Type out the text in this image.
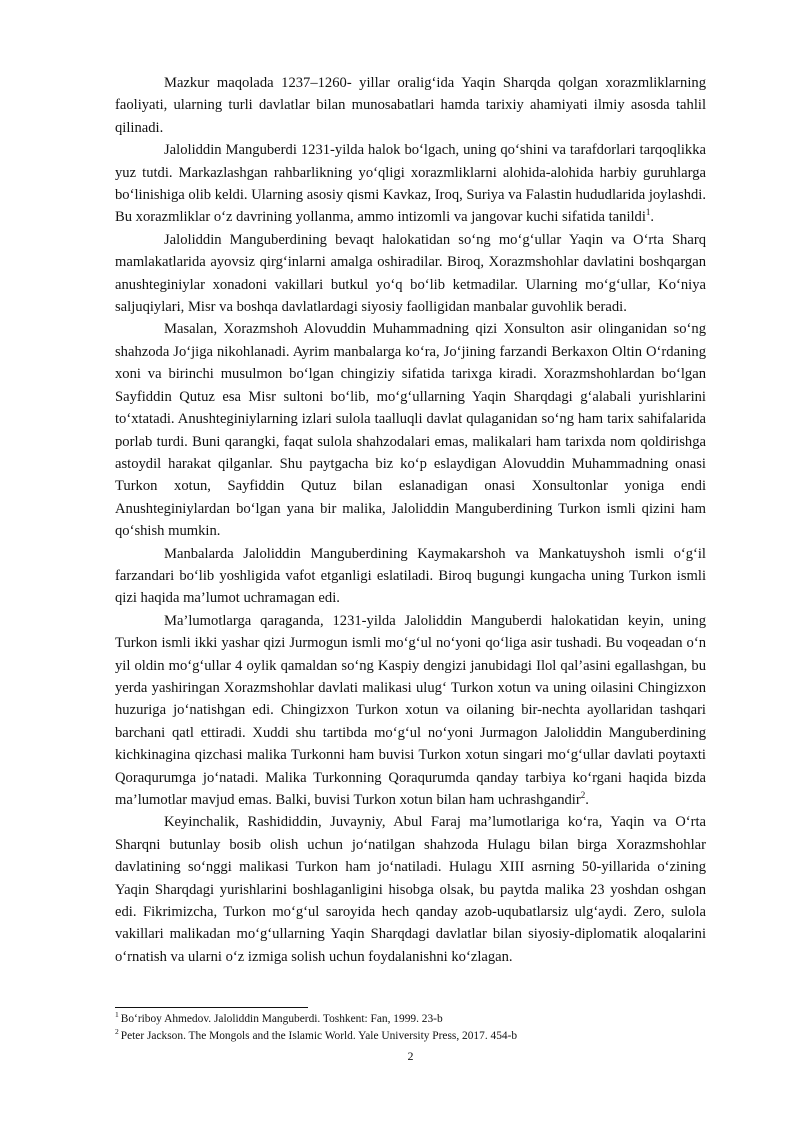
Mazkur maqolada 1237–1260- yillar oralig‘ida Yaqin Sharqda qolgan xorazmliklarning faoliyati, ularning turli davlatlar bilan munosabatlari hamda tarixiy ahamiyati ilmiy asosda tahlil qilinadi.

Jaloliddin Manguberdi 1231-yilda halok bo‘lgach, uning qo‘shini va tarafdorlari tarqoqlikka yuz tutdi. Markazlashgan rahbarlikning yo‘qligi xorazmliklarni alohida-alohida harbiy guruhlarga bo‘linishiga olib keldi. Ularning asosiy qismi Kavkaz, Iroq, Suriya va Falastin hududlarida joylashdi. Bu xorazmliklar o‘z davrining yollanma, ammo intizomli va jangovar kuchi sifatida tanildi$^1$.

Jaloliddin Manguberdining bevaqt halokatidan so‘ng mo‘g‘ullar Yaqin va O‘rta Sharq mamlakatlarida ayovsiz qirg‘inlarni amalga oshiradilar. Biroq, Xorazmshohlar davlatini boshqargan anushteginiylar xonadoni vakillari butkul yo‘q bo‘lib ketmadilar. Ularning mo‘g‘ullar, Ko‘niya saljuqiylari, Misr va boshqa davlatlardagi siyosiy faolligidan manbalar guvohlik beradi.

Masalan, Xorazmshoh Alovuddin Muhammadning qizi Xonsulton asir olinganidan so‘ng shahzoda Jo‘jiga nikohlanadi. Ayrim manbalarga ko‘ra, Jo‘jining farzandi Berkaxon Oltin O‘rdaning xoni va birinchi musulmon bo‘lgan chingiziy sifatida tarixga kiradi. Xorazmshohlardan bo‘lgan Sayfiddin Qutuz esa Misr sultoni bo‘lib, mo‘g‘ullarning Yaqin Sharqdagi g‘alabali yurishlarini to‘xtatadi. Anushteginiylarning izlari sulola taalluqli davlat qulaganidan so‘ng ham tarix sahifalarida porlab turdi. Buni qarangki, faqat sulola shahzodalari emas, malikalari ham tarixda nom qoldirishga astoydil harakat qilganlar. Shu paytgacha biz ko‘p eslaydigan Alovuddin Muhammadning onasi Turkon xotun, Sayfiddin Qutuz bilan eslanadigan onasi Xonsultonlar yoniga endi Anushteginiylardan bo‘lgan yana bir malika, Jaloliddin Manguberdining Turkon ismli qizini ham qo‘shish mumkin.

Manbalarda Jaloliddin Manguberdining Kaymakarshoh va Mankatuyshoh ismli o‘g‘il farzandari bo‘lib yoshligida vafot etganligi eslatiladi. Biroq bugungi kungacha uning Turkon ismli qizi haqida ma’lumot uchramagan edi.

Ma’lumotlarga qaraganda, 1231-yilda Jaloliddin Manguberdi halokatidan keyin, uning Turkon ismli ikki yashar qizi Jurmogun ismli mo‘g‘ul no‘yoni qo‘liga asir tushadi. Bu voqeadan o‘n yil oldin mo‘g‘ullar 4 oylik qamaldan so‘ng Kaspiy dengizi janubidagi Ilol qal’asini egallashgan, bu yerda yashiringan Xorazmshohlar davlati malikasi ulug‘ Turkon xotun va uning oilasini Chingizxon huzuriga jo‘natishgan edi. Chingizxon Turkon xotun va oilaning bir-nechta ayollaridan tashqari barchani qatl ettiradi. Xuddi shu tartibda mo‘g‘ul no‘yoni Jurmagon Jaloliddin Manguberdining kichkinagina qizchasi malika Turkonni ham buvisi Turkon xotun singari mo‘g‘ullar davlati poytaxti Qoraqurumga jo‘natadi. Malika Turkonning Qoraqurumda qanday tarbiya ko‘rgani haqida bizda ma’lumotlar mavjud emas. Balki, buvisi Turkon xotun bilan ham uchrashgandir$^2$.

Keyinchalik, Rashididdin, Juvayniy, Abul Faraj ma’lumotlariga ko‘ra, Yaqin va O‘rta Sharqni butunlay bosib olish uchun jo‘natilgan shahzoda Hulagu bilan birga Xorazmshohlar davlatining so‘nggi malikasi Turkon ham jo‘natiladi. Hulagu XIII asrning 50-yillarida o‘zining Yaqin Sharqdagi yurishlarini boshlaganligini hisobga olsak, bu paytda malika 23 yoshdan oshgan edi. Fikrimizcha, Turkon mo‘g‘ul saroyida hech qanday azob-uqubatlarsiz ulg‘aydi. Zero, sulola vakillari malikadan mo‘g‘ullarning Yaqin Sharqdagi davlatlar bilan siyosiy-diplomatik aloqalarini o‘rnatish va ularni o‘z izmiga solish uchun foydalanishni ko‘zlagan.

$^1$ Bo‘riboy Ahmedov. Jaloliddin Manguberdi. Toshkent: Fan, 1999. 23-b

$^2$ Peter Jackson. The Mongols and the Islamic World. Yale University Press, 2017. 454-b

2
